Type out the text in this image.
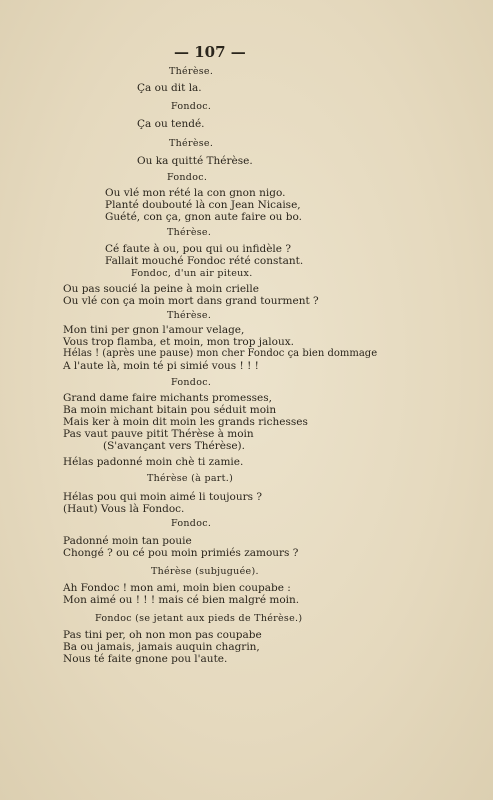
— 107 —
Thérèse.
Ça ou dit la.
Fondoc.
Ça ou tendé.
Thérèse.
Ou ka quitté Thérèse.
Fondoc.
Ou vlé mon rété la con gnon nigo.
Planté doubouté là con Jean Nicaise,
Guété, con ça, gnon aute faire ou bo.
Thérèse.
Cé faute à ou, pou qui ou infidèle ?
Fallait mouché Fondoc rété constant.
Fondoc, d'un air piteux.
Ou pas soucié la peine à moin crielle
Ou vlé con ça moin mort dans grand tourment ?
Thérèse.
Mon tini per gnon l'amour velage,
Vous trop flamba, et moin, mon trop jaloux.
Hélas ! (après une pause) mon cher Fondoc ça bien dommage
A l'aute là, moin té pi simié vous ! ! !
Fondoc.
Grand dame faire michants promesses,
Ba moin michant bitain pou séduit moin
Mais ker à moin dit moin les grands richesses
Pas vaut pauve pitit Thérèse à moin
(S'avançant vers Thérèse).
Hélas padonné moin chè ti zamie.
Thérèse (à part.)
Hélas pou qui moin aimé li toujours ?
(Haut) Vous là Fondoc.
Fondoc.
Padonné moin tan pouie
Chongé ? ou cé pou moin primiés zamours ?
Thérèse (subjuguée).
Ah Fondoc ! mon ami, moin bien coupabe :
Mon aimé ou ! ! ! mais cé bien malgré moin.
Fondoc (se jetant aux pieds de Thérèse.)
Pas tini per, oh non mon pas coupabe
Ba ou jamais, jamais auquin chagrin,
Nous té faite gnone pou l'aute.
